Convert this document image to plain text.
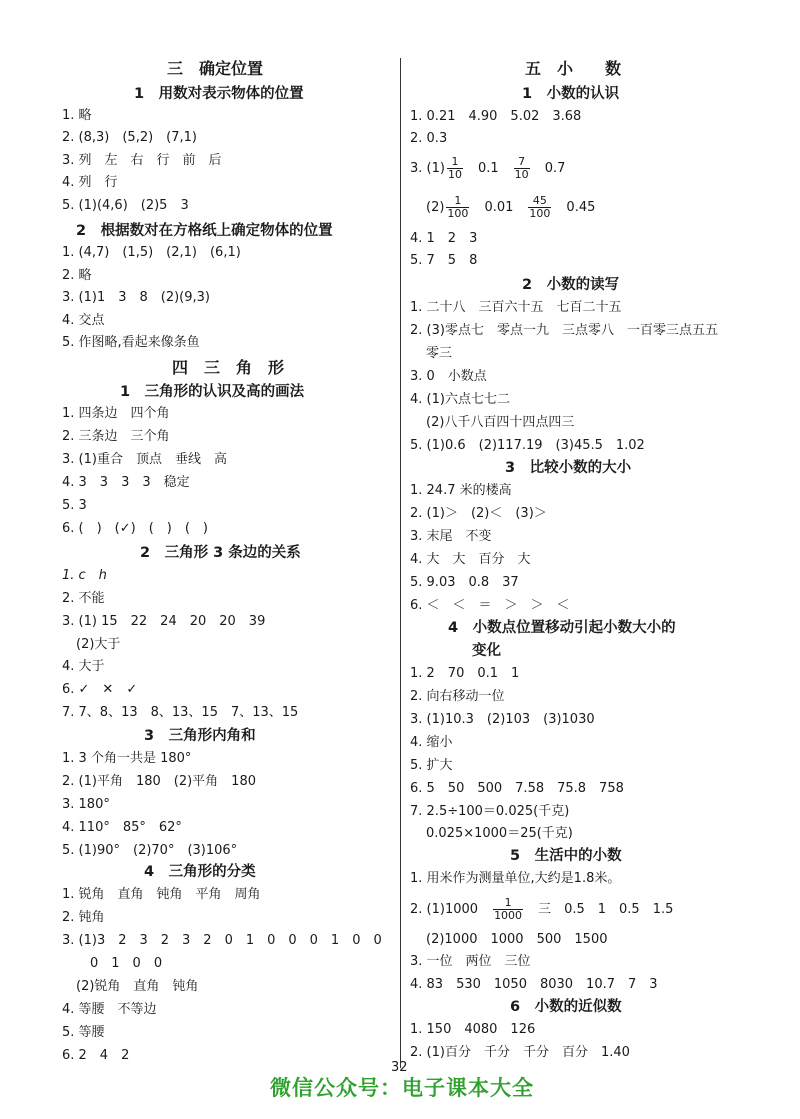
三　确定位置
1　用数对表示物体的位置
1. 略
2. (8,3)　(5,2)　(7,1)
3. 列　左　右　行　前　后
4. 列　行
5. (1)(4,6)　(2)5　3
2　根据数对在方格纸上确定物体的位置
1. (4,7)　(1,5)　(2,1)　(6,1)
2. 略
3. (1)1　3　8　(2)(9,3)
4. 交点
5. 作图略,看起来像条鱼
四　三　角　形
1　三角形的认识及高的画法
1. 四条边　四个角
2. 三条边　三个角
3. (1)重合　顶点　垂线　高
4. 3　3　3　3　稳定
5. 3
6. (　)　(✓)　(　)　(　)
2　三角形 3 条边的关系
1. c　h
2. 不能
3. (1) 15　22　24　20　20　39
(2)大于
4. 大于
6. ✓　✕　✓
7. 7、8、13　8、13、15　7、13、15
3　三角形内角和
1. 3 个角一共是 180°
2. (1)平角　180　(2)平角　180
3. 180°
4. 110°　85°　62°
5. (1)90°　(2)70°　(3)106°
4　三角形的分类
1. 锐角　直角　钝角　平角　周角
2. 钝角
3. (1)3　2　3　2　3　2　0　1　0　0　0　1　0　0
0　1　0　0
(2)锐角　直角　钝角
4. 等腰　不等边
5. 等腰
6. 2　4　2
五　小　　数
1　小数的认识
1. 0.21　4.90　5.02　3.68
2. 0.3
3. $(1) \frac{1}{10}$
　 0.1　 $\frac{7}{10}$
　 0.7
$(2) \frac{1}{100}$
　 0.01　 $\frac{45}{100}$
　 0.45
4. 1　2　3
5. 7　5　8
2　小数的读写
1. 二十八　三百六十五　七百二十五
2. (3)零点七　零点一九　三点零八　一百零三点五五
零三
3. 0　小数点
4. (1)六点七七二
(2)八千八百四十四点四三
5. (1)0.6　(2)117.19　(3)45.5　1.02
3　比较小数的大小
1. 24.7 米的楼高
2. (1)＞　(2)＜　(3)＞
3. 末尾　不变
4. 大　大　百分　大
5. 9.03　0.8　37
6. ＜　＜　＝　＞　＞　＜
4　小数点位置移动引起小数大小的
变化
1. 2　70　0.1　1
2. 向右移动一位
3. (1)10.3　(2)103　(3)1030
4. 缩小
5. 扩大
6. 5　50　500　7.58　75.8　758
7. 2.5÷100＝0.025(千克)
0.025×1000＝25(千克)
5　生活中的小数
1. 用米作为测量单位,大约是1.8米。
2. (1)1000　 $\frac{1}{1000}$
　 三　0.5　1　0.5　1.5
(2)1000　1000　500　1500
3. 一位　两位　三位
4. 83　530　1050　8030　10.7　7　3
6　小数的近似数
1. 150　4080　126
2. (1)百分　千分　千分　百分　1.40
32
微信公众号：电子课本大全
